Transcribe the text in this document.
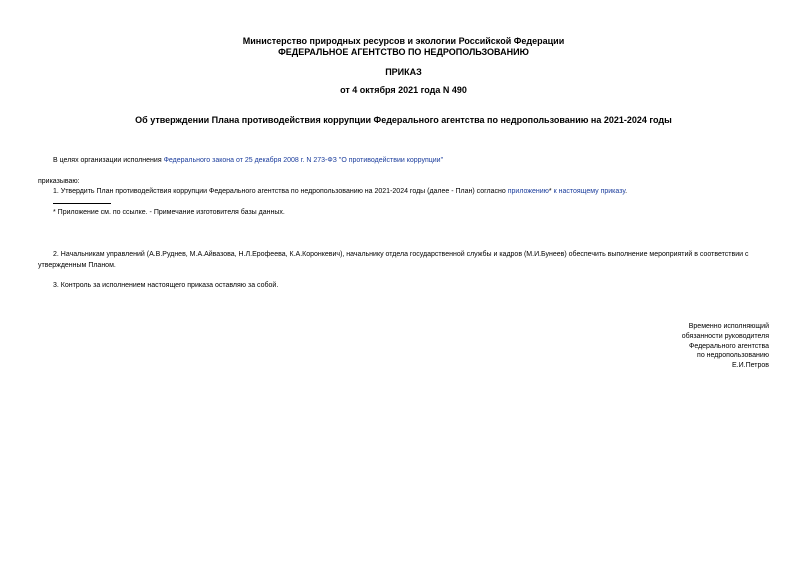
Министерство природных ресурсов и экологии Российской Федерации
ФЕДЕРАЛЬНОЕ АГЕНТСТВО ПО НЕДРОПОЛЬЗОВАНИЮ
ПРИКАЗ
от 4 октября 2021 года N 490
Об утверждении Плана противодействия коррупции Федерального агентства по недропользованию на 2021-2024 годы
В целях организации исполнения Федерального закона от 25 декабря 2008 г. N 273-ФЗ "О противодействии коррупции"
приказываю:
1. Утвердить План противодействия коррупции Федерального агентства по недропользованию на 2021-2024 годы (далее - План) согласно приложению* к настоящему приказу.
* Приложение см. по ссылке. - Примечание изготовителя базы данных.
2. Начальникам управлений (А.В.Руднев, М.А.Айвазова, Н.Л.Ерофеева, К.А.Коронкевич), начальнику отдела государственной службы и кадров (М.И.Бунеев) обеспечить выполнение мероприятий в соответствии с
утвержденным Планом.
3. Контроль за исполнением настоящего приказа оставляю за собой.
Временно исполняющий
обязанности руководителя
Федерального агентства
по недропользованию
Е.И.Петров
